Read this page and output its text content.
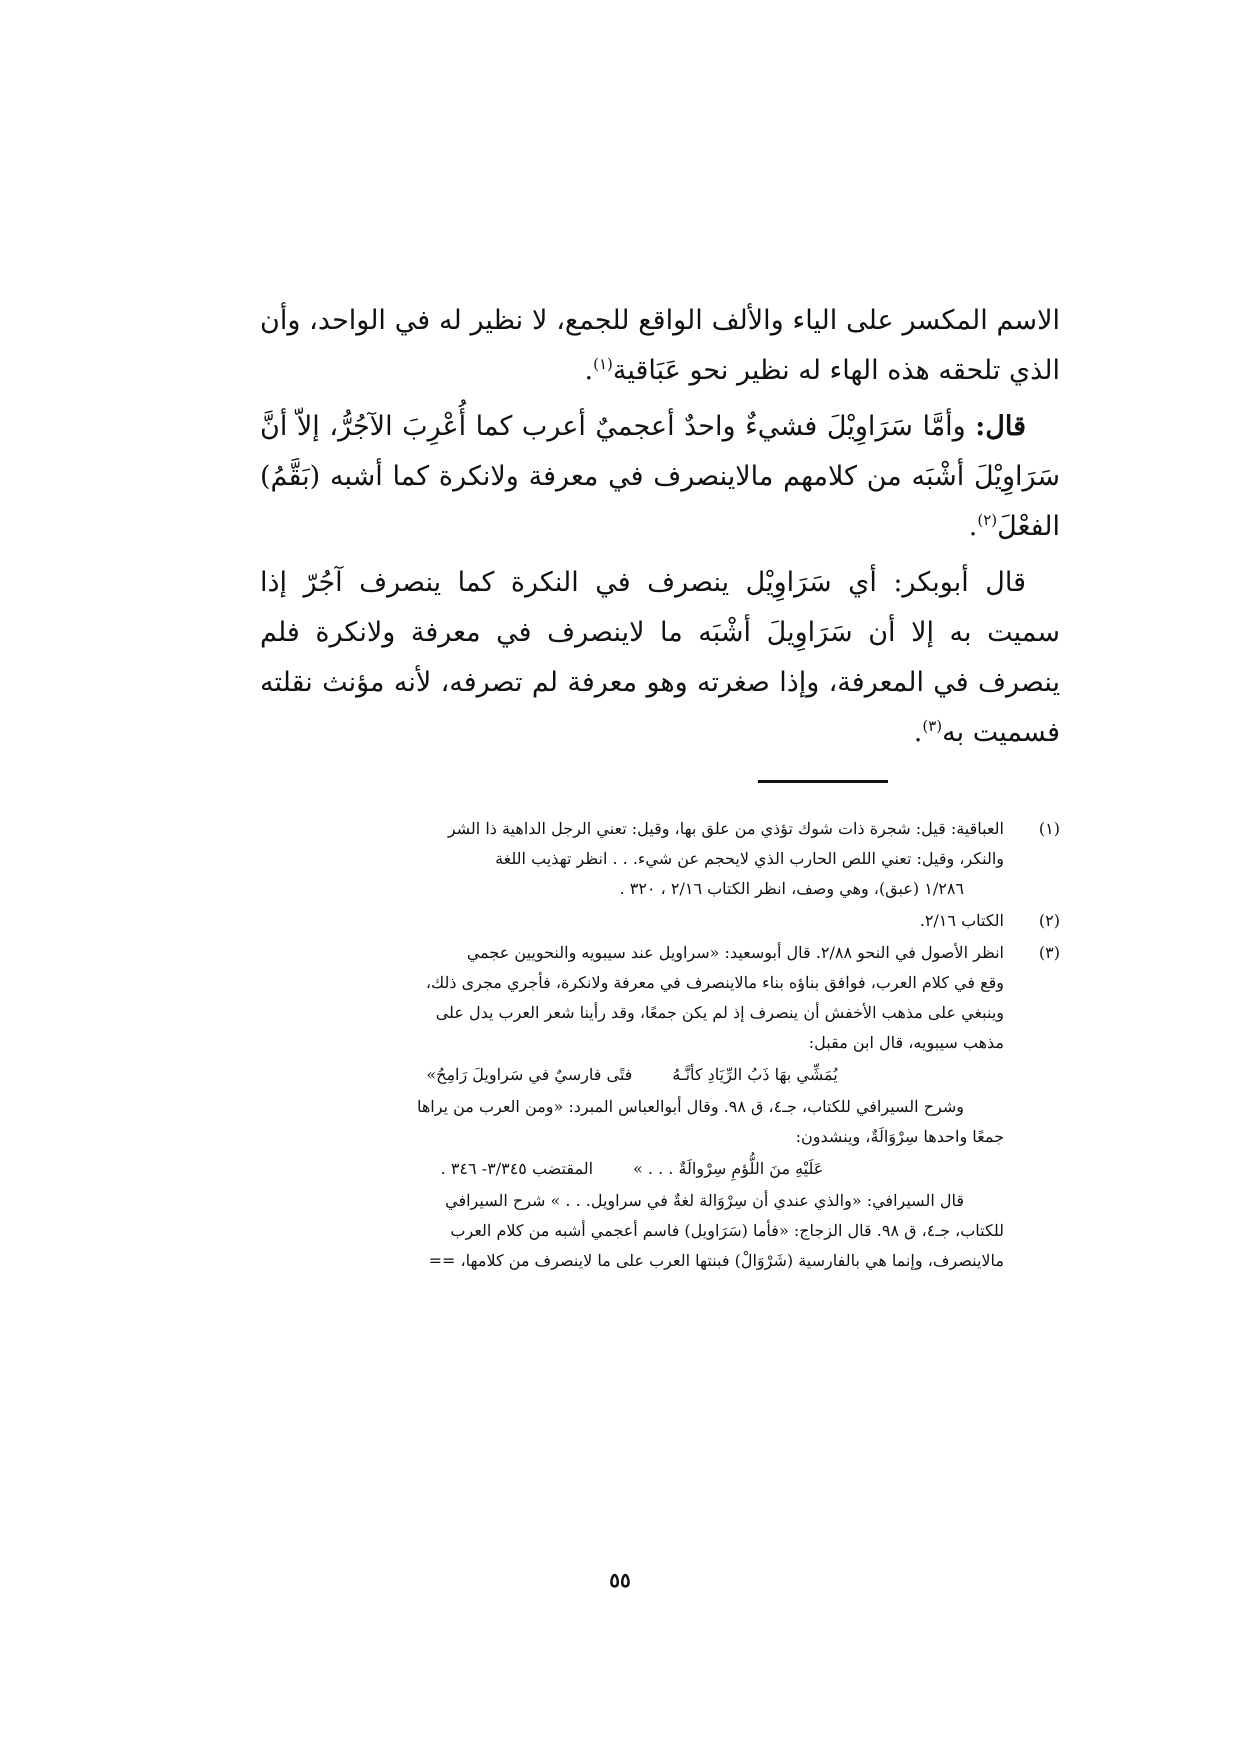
الاسم المكسر على الياء والألف الواقع للجمع، لا نظير له في الواحد، وأن الذي تلحقه هذه الهاء له نظير نحو عَبَاقية$^{(١)}$.

قال: وأمَّا سَرَاوِيْلَ فشيءٌ واحدٌ أعجميٌ أعرب كما أُعْرِبَ الآجُرُّ، إلاّ أنَّ سَرَاوِيْلَ أشْبَه من كلامهم مالاينصرف في معرفة ولانكرة كما أشبه (بَقَّمُ) الفعْلَ$^{(٢)}$.

قال أبوبكر: أي سَرَاوِيْل ينصرف في النكرة كما ينصرف آجُرّ إذا سميت به إلا أن سَرَاوِيلَ أشْبَه ما لاينصرف في معرفة ولانكرة فلم ينصرف في المعرفة، وإذا صغرته وهو معرفة لم تصرفه، لأنه مؤنث نقلته فسميت به$^{(٣)}$.

(١)
العباقية: قيل: شجرة ذات شوك تؤذي من علق بها، وقيل: تعني الرجل الداهية ذا الشر
والنكر، وقيل: تعني اللص الحارب الذي لايحجم عن شيء. . . انظر تهذيب اللغة
١/٢٨٦ (عبق)، وهي وصف، انظر الكتاب ٢/١٦ ، ٣٢٠ .
(٢)
الكتاب ٢/١٦.
(٣)
انظر الأصول في النحو ٢/٨٨. قال أبوسعيد: «سراويل عند سيبويه والنحويين عجمي
وقع في كلام العرب، فوافق بناؤه بناء مالاينصرف في معرفة ولانكرة، فأجري مجرى ذلك،
وينبغي على مذهب الأخفش أن ينصرف إذ لم يكن جمعًا، وقد رأينا شعر العرب يدل على
مذهب سيبويه، قال ابن مقبل:
يُمَشِّي بهَا ذَبُ الرِّيَادِ كأنَّـهُ
فتًى فارسيٌ في سَراويلَ رَامِحُ»
وشرح السيرافي للكتاب، جـ٤، ق ٩٨. وقال أبوالعباس المبرد: «ومن العرب من يراها
جمعًا واحدها سِرْوَالَةٌ، وينشدون:
عَلَيْهِ منَ اللُّؤمِ سِرْوالَةٌ . . . »
المقتضب ٣/٣٤٥- ٣٤٦ .
قال السيرافي: «والذي عندي أن سِرْوَالة لغةٌ في سراويل. . . » شرح السيرافي
للكتاب، جـ٤، ق ٩٨. قال الزجاج: «فأما (سَرَاويل) فاسم أعجمي أشبه من كلام العرب
مالاينصرف، وإنما هي بالفارسية (شَرْوَالْ) فبنتها العرب على ما لاينصرف من كلامها، ==
٥٥
